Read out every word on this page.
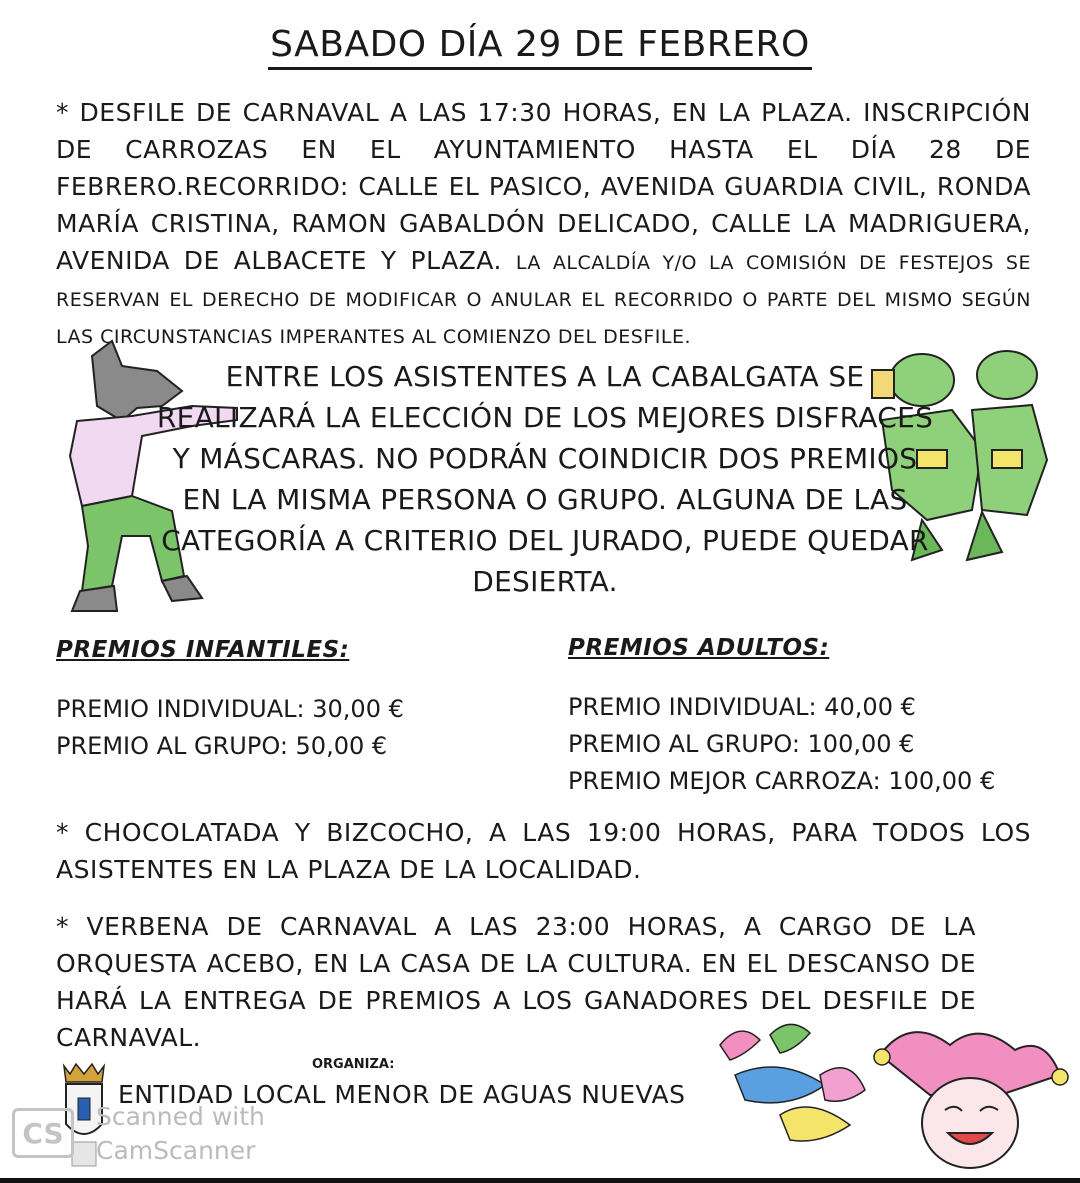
SABADO DÍA 29 DE FEBRERO
* DESFILE DE CARNAVAL A LAS 17:30 HORAS, EN LA PLAZA. INSCRIPCIÓN DE CARROZAS EN EL AYUNTAMIENTO HASTA EL DÍA 28 DE FEBRERO.RECORRIDO: CALLE EL PASICO, AVENIDA GUARDIA CIVIL, RONDA MARÍA CRISTINA, RAMON GABALDÓN DELICADO, CALLE LA MADRIGUERA, AVENIDA DE ALBACETE Y PLAZA. LA ALCALDÍA Y/O LA COMISIÓN DE FESTEJOS SE RESERVAN EL DERECHO DE MODIFICAR O ANULAR EL RECORRIDO O PARTE DEL MISMO SEGÚN LAS CIRCUNSTANCIAS IMPERANTES AL COMIENZO DEL DESFILE.
ENTRE LOS ASISTENTES A LA CABALGATA SE REALIZARÁ LA ELECCIÓN DE LOS MEJORES DISFRACES Y MÁSCARAS. NO PODRÁN COINDICIR DOS PREMIOS EN LA MISMA PERSONA O GRUPO. ALGUNA DE LAS CATEGORÍA A CRITERIO DEL JURADO, PUEDE QUEDAR DESIERTA.
PREMIOS INFANTILES:
PREMIO INDIVIDUAL: 30,00 €
PREMIO AL GRUPO: 50,00 €
PREMIOS ADULTOS:
PREMIO INDIVIDUAL: 40,00 €
PREMIO AL GRUPO: 100,00 €
PREMIO MEJOR CARROZA: 100,00 €
* CHOCOLATADA Y BIZCOCHO, A LAS 19:00 HORAS, PARA TODOS LOS ASISTENTES EN LA PLAZA DE LA LOCALIDAD.
* VERBENA DE CARNAVAL A LAS 23:00 HORAS, A CARGO DE LA ORQUESTA ACEBO, EN LA CASA DE LA CULTURA. EN EL DESCANSO DE HARÁ LA ENTREGA DE PREMIOS A LOS GANADORES DEL DESFILE DE CARNAVAL.
ORGANIZA:
ENTIDAD LOCAL MENOR DE AGUAS NUEVAS
CS Scanned with
CamScanner
